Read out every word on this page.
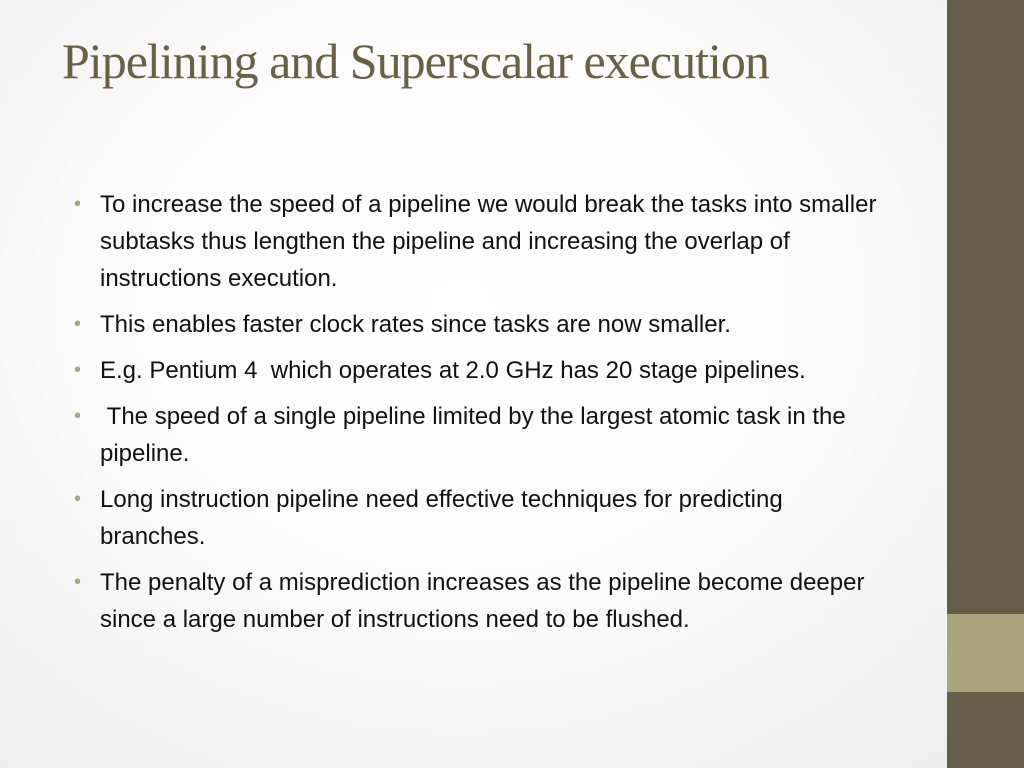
Pipelining and Superscalar execution
• To increase the speed of a pipeline we would break the tasks into smaller subtasks thus lengthen the pipeline and increasing the overlap of instructions execution.
• This enables faster clock rates since tasks are now smaller.
• E.g. Pentium 4  which operates at 2.0 GHz has 20 stage pipelines.
• The speed of a single pipeline limited by the largest atomic task in the pipeline.
• Long instruction pipeline need effective techniques for predicting branches.
• The penalty of a misprediction increases as the pipeline become deeper since a large number of instructions need to be flushed.
